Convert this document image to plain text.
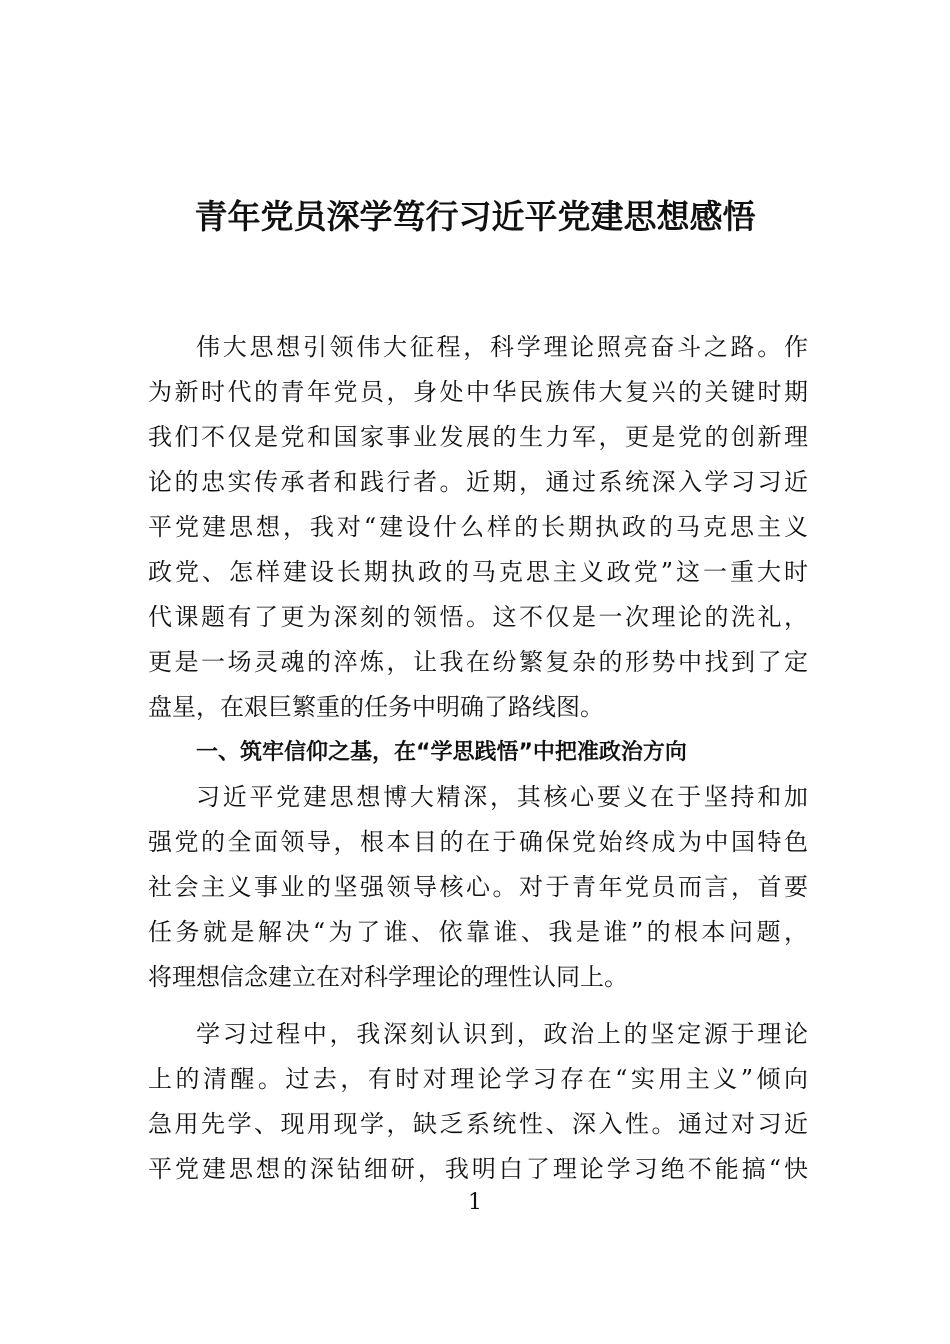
青年党员深学笃行习近平党建思想感悟
伟大思想引领伟大征程，科学理论照亮奋斗之路。作
为新时代的青年党员，身处中华民族伟大复兴的关键时期
我们不仅是党和国家事业发展的生力军，更是党的创新理
论的忠实传承者和践行者。近期，通过系统深入学习习近
平党建思想，我对“建设什么样的长期执政的马克思主义
政党、怎样建设长期执政的马克思主义政党”这一重大时
代课题有了更为深刻的领悟。这不仅是一次理论的洗礼，
更是一场灵魂的淬炼，让我在纷繁复杂的形势中找到了定
盘星，在艰巨繁重的任务中明确了路线图。
一、筑牢信仰之基，在“学思践悟”中把准政治方向
习近平党建思想博大精深，其核心要义在于坚持和加
强党的全面领导，根本目的在于确保党始终成为中国特色
社会主义事业的坚强领导核心。对于青年党员而言，首要
任务就是解决“为了谁、依靠谁、我是谁”的根本问题，
将理想信念建立在对科学理论的理性认同上。
学习过程中，我深刻认识到，政治上的坚定源于理论
上的清醒。过去，有时对理论学习存在“实用主义”倾向
急用先学、现用现学，缺乏系统性、深入性。通过对习近
平党建思想的深钻细研，我明白了理论学习绝不能搞“快
1
